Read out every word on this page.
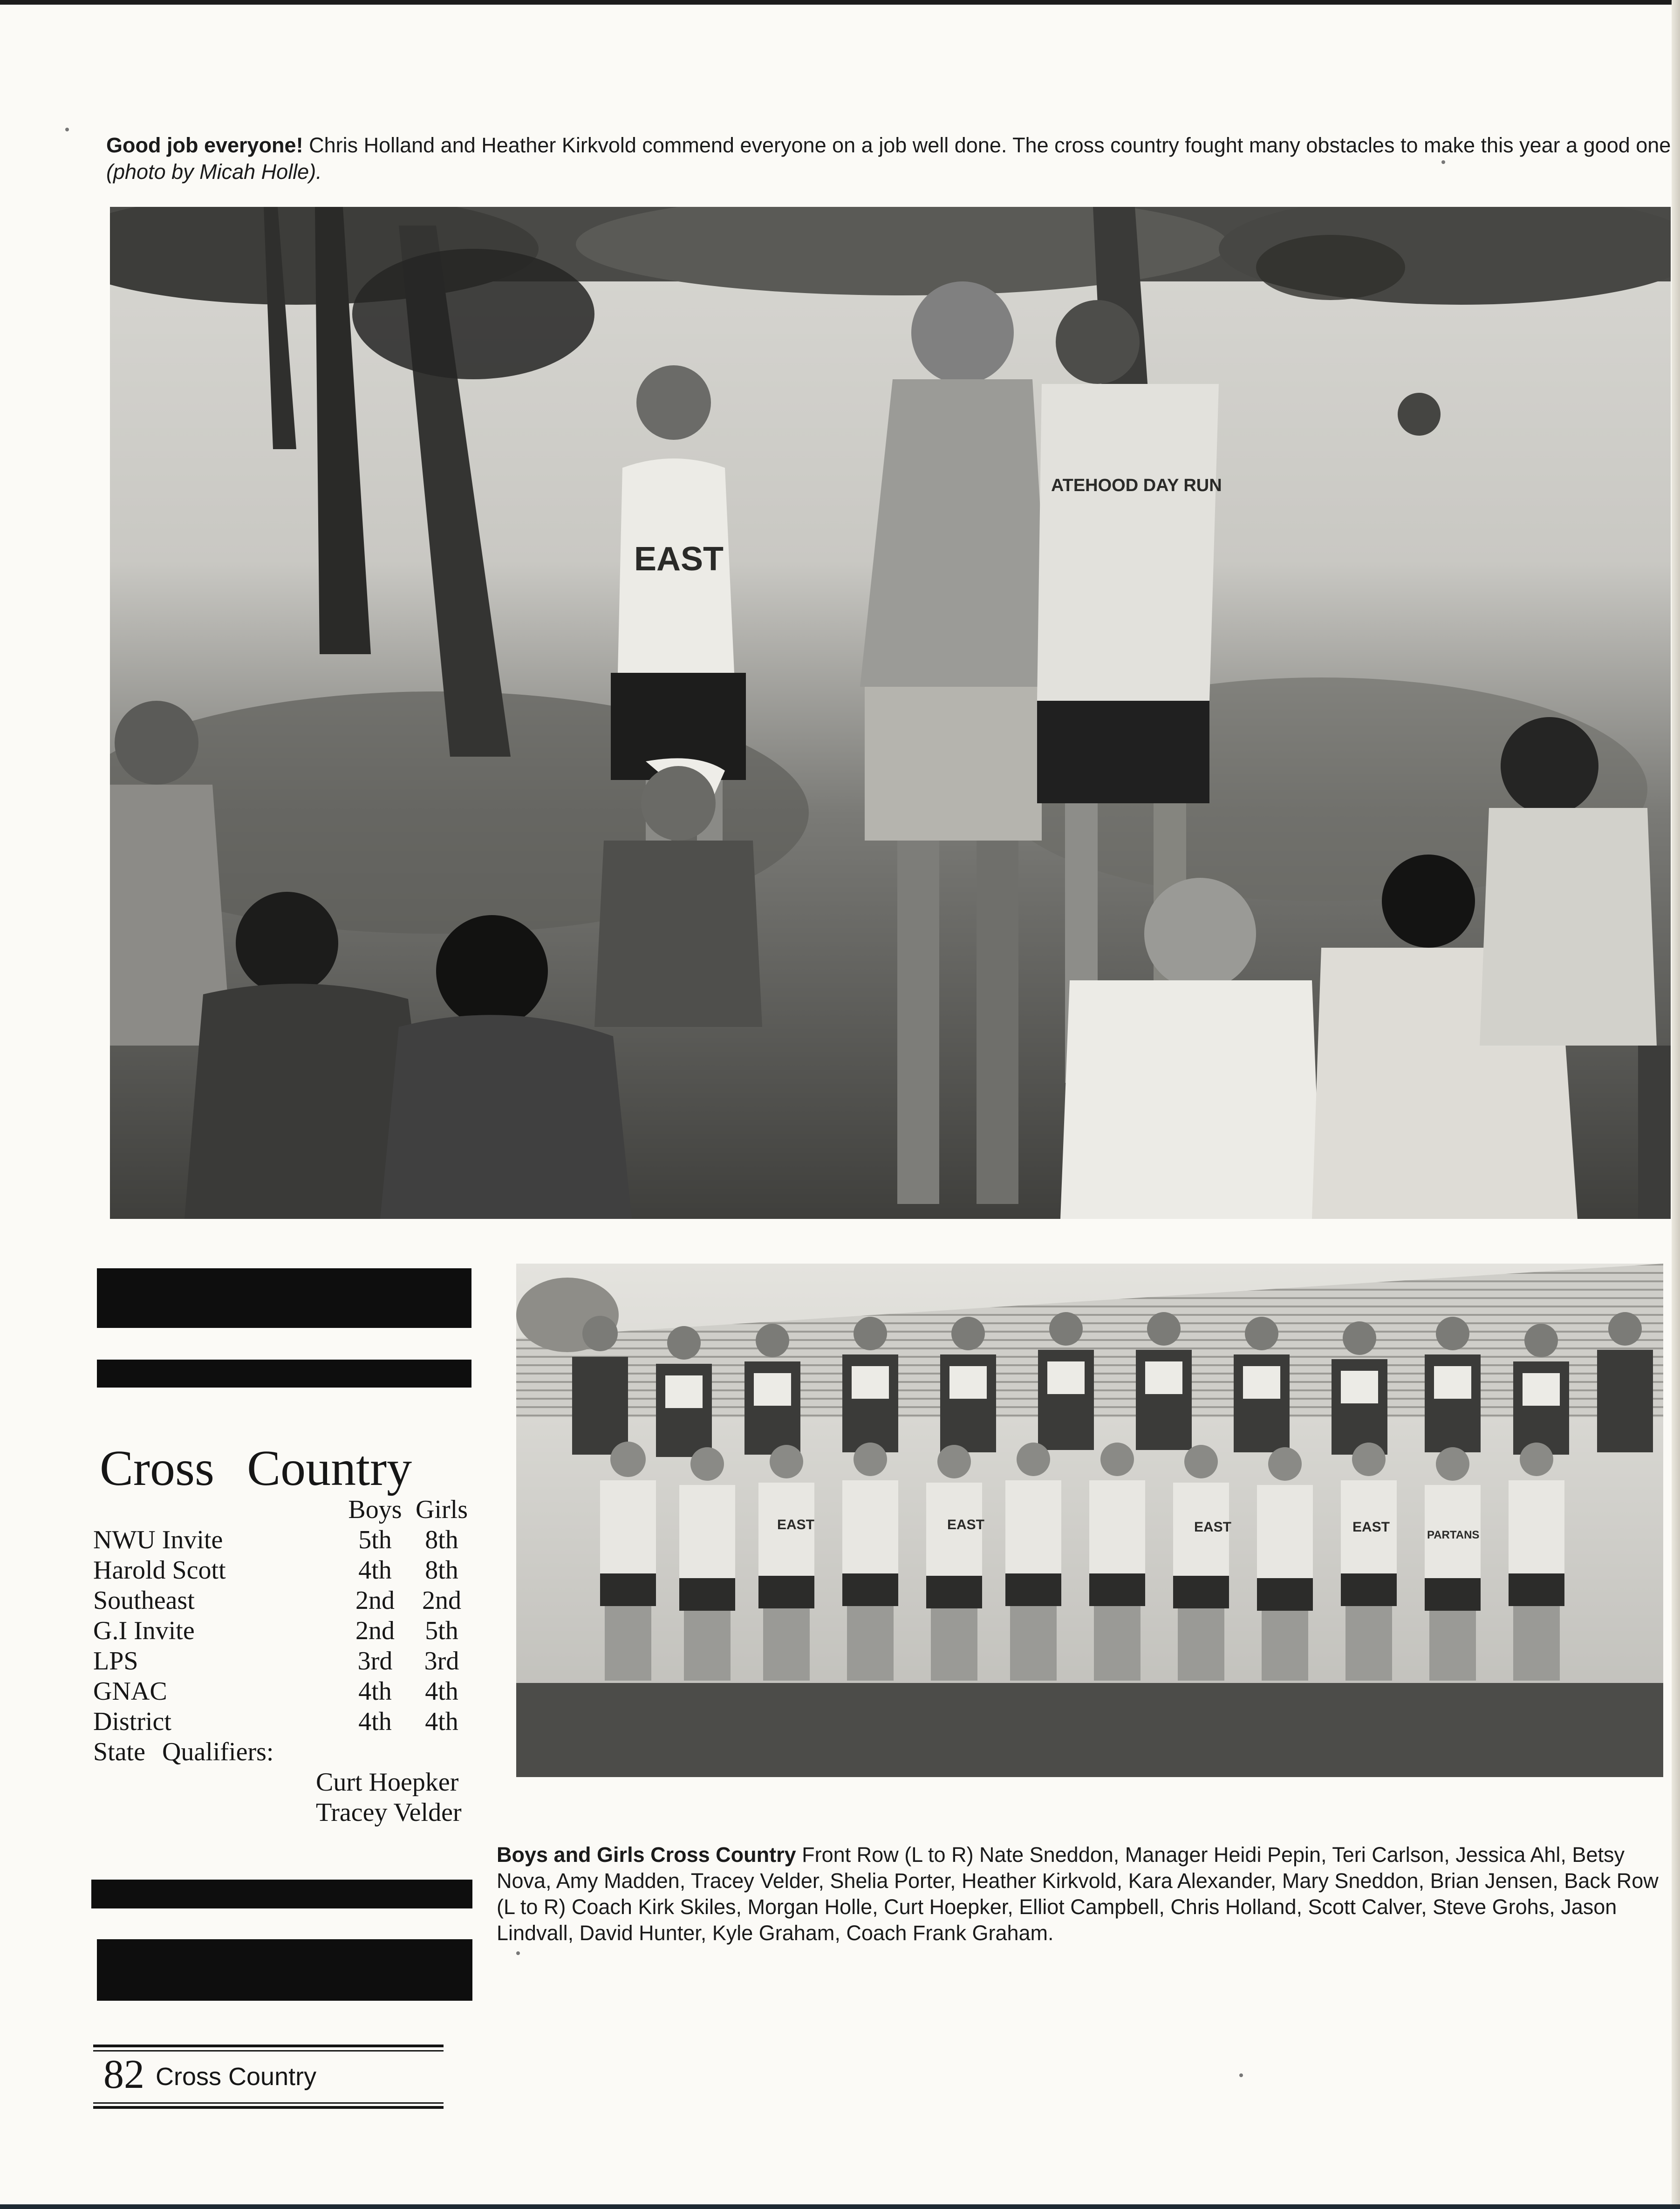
Good job everyone! Chris Holland and Heather Kirkvold commend everyone on a job well done. The cross country fought many obstacles to make this year a good one (photo by Micah Holle).

EAST
ATEHOOD DAY RUN
EAST	EAST	EAST	EAST
PARTANS
Cross Country
Boys Girls
NWU Invite	5th	8th
Harold Scott	4th	8th
Southeast	2nd	2nd
G.I Invite	2nd	5th
LPS	3rd	3rd
GNAC	4th	4th
District	4th	4th
State Qualifiers:
Curt Hoepker
Tracey Velder

Boys and Girls Cross Country Front Row (L to R) Nate Sneddon, Manager Heidi Pepin, Teri Carlson, Jessica Ahl, Betsy Nova, Amy Madden, Tracey Velder, Shelia Porter, Heather Kirkvold, Kara Alexander, Mary Sneddon, Brian Jensen, Back Row (L to R) Coach Kirk Skiles, Morgan Holle, Curt Hoepker, Elliot Campbell, Chris Holland, Scott Calver, Steve Grohs, Jason Lindvall, David Hunter, Kyle Graham, Coach Frank Graham.

82 Cross Country
